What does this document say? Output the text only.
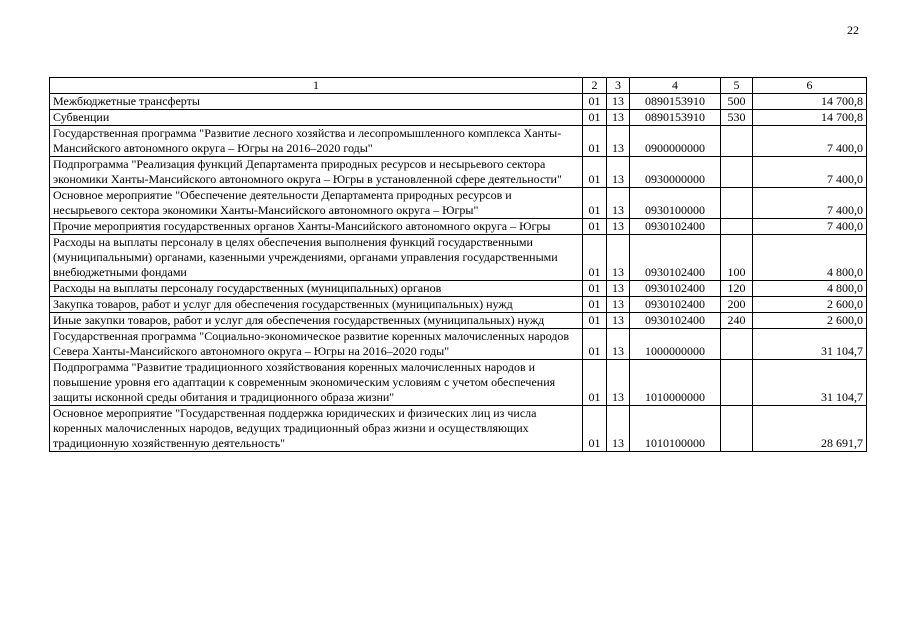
22
1	2	3	4	5	6
Межбюджетные трансферты	01	13	0890153910	500	14 700,8
Субвенции	01	13	0890153910	530	14 700,8
Государственная программа "Развитие лесного хозяйства и лесопромышленного комплекса Ханты-Мансийского автономного округа – Югры на 2016–2020 годы"	01	13	0900000000		7 400,0
Подпрограмма "Реализация функций Департамента природных ресурсов и несырьевого сектора экономики Ханты-Мансийского автономного округа – Югры в установленной сфере деятельности"	01	13	0930000000		7 400,0
Основное мероприятие "Обеспечение деятельности Департамента природных ресурсов и несырьевого сектора экономики Ханты-Мансийского автономного округа – Югры"	01	13	0930100000		7 400,0
Прочие мероприятия государственных органов Ханты-Мансийского автономного округа – Югры	01	13	0930102400		7 400,0
Расходы на выплаты персоналу в целях обеспечения выполнения функций государственными (муниципальными) органами, казенными учреждениями, органами управления государственными внебюджетными фондами	01	13	0930102400	100	4 800,0
Расходы на выплаты персоналу государственных (муниципальных) органов	01	13	0930102400	120	4 800,0
Закупка товаров, работ и услуг для обеспечения государственных (муниципальных) нужд	01	13	0930102400	200	2 600,0
Иные закупки товаров, работ и услуг для обеспечения государственных (муниципальных) нужд	01	13	0930102400	240	2 600,0
Государственная программа "Социально-экономическое развитие коренных малочисленных народов Севера Ханты-Мансийского автономного округа – Югры на 2016–2020 годы"	01	13	1000000000		31 104,7
Подпрограмма "Развитие традиционного хозяйствования коренных малочисленных народов и повышение уровня его адаптации к современным экономическим условиям с учетом обеспечения защиты исконной среды обитания и традиционного образа жизни"	01	13	1010000000		31 104,7
Основное мероприятие "Государственная поддержка юридических и физических лиц из числа коренных малочисленных народов, ведущих традиционный образ жизни и осуществляющих традиционную хозяйственную деятельность"	01	13	1010100000		28 691,7
